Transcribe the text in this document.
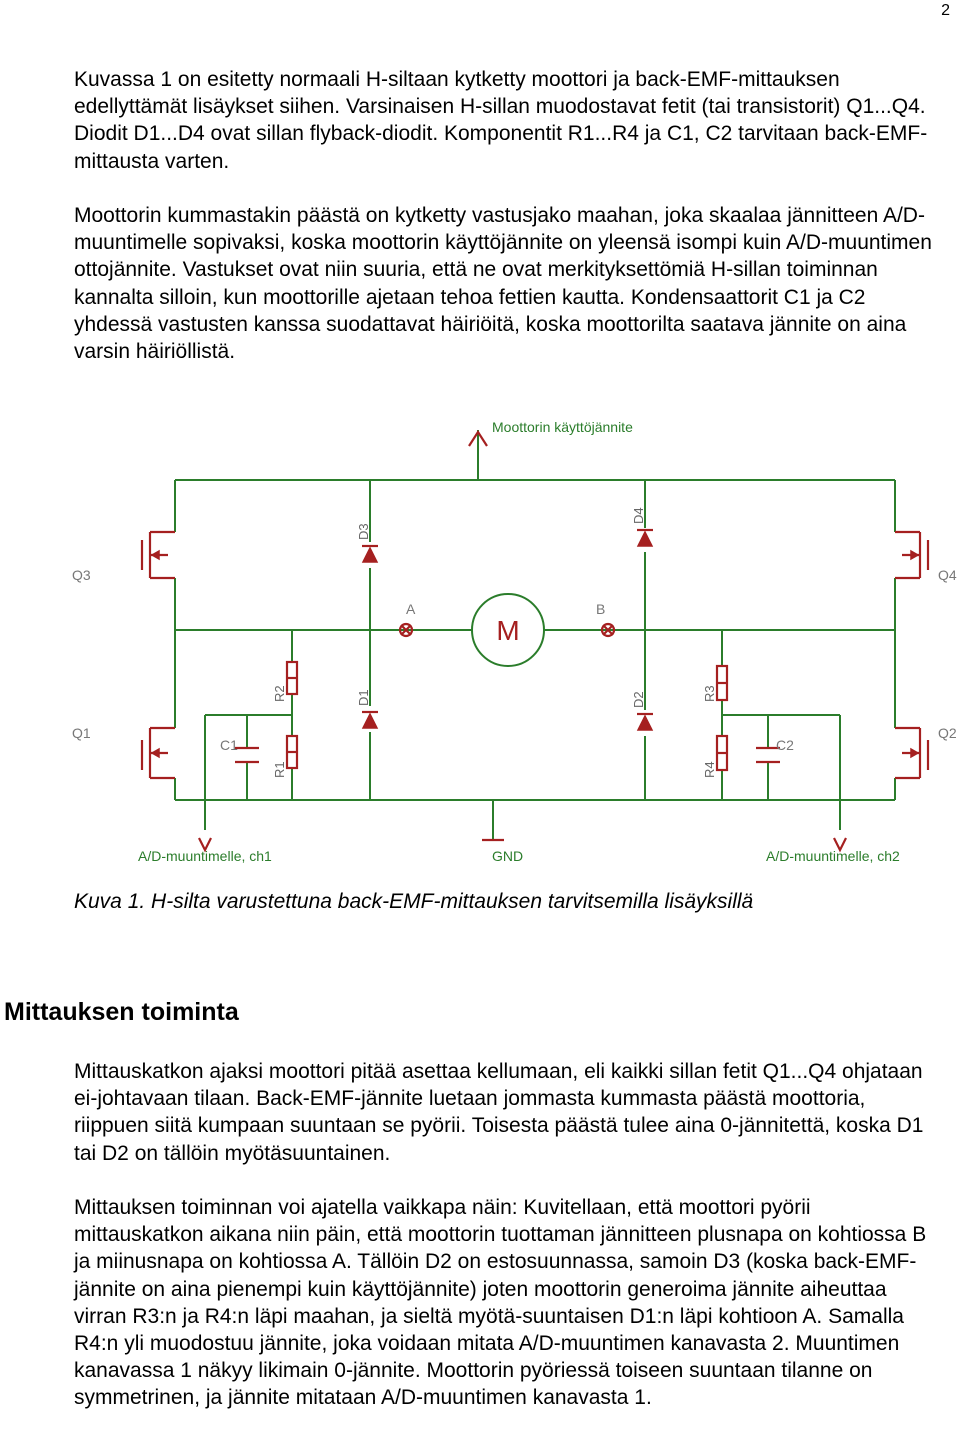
2

Kuvassa 1 on esitetty normaali H-siltaan kytketty moottori ja back-EMF-mittauksen edellyttämät lisäykset siihen. Varsinaisen H-sillan muodostavat fetit (tai transistorit) Q1...Q4. Diodit D1...D4 ovat sillan flyback-diodit. Komponentit R1...R4 ja C1, C2 tarvitaan back-EMF-mittausta varten.

Moottorin kummastakin päästä on kytketty vastusjako maahan, joka skaalaa jännitteen A/D-muuntimelle sopivaksi, koska moottorin käyttöjännite on yleensä isompi kuin A/D-muuntimen ottojännite. Vastukset ovat niin suuria, että ne ovat merkityksettömiä H-sillan toiminnan kannalta silloin, kun moottorille ajetaan tehoa fettien kautta. Kondensaattorit C1 ja C2 yhdessä vastusten kanssa suodattavat häiriöitä, koska moottorilta saatava jännite on aina varsin häiriöllistä.

Moottorin käyttöjännite
GND
A/D-muuntimelle, ch1	A/D-muuntimelle, ch2
Q3	Q4
Q1	Q2
D3
D4
D1	D2
R2
R1
R3
R4
C1	C2
M
A	B

Kuva 1. H-silta varustettuna back-EMF-mittauksen tarvitsemilla lisäyksillä

Mittauksen toiminta

Mittauskatkon ajaksi moottori pitää asettaa kellumaan, eli kaikki sillan fetit Q1...Q4 ohjataan ei-johtavaan tilaan. Back-EMF-jännite luetaan jommasta kummasta päästä moottoria, riippuen siitä kumpaan suuntaan se pyörii. Toisesta päästä tulee aina 0-jännitettä, koska D1 tai D2 on tällöin myötäsuuntainen.

Mittauksen toiminnan voi ajatella vaikkapa näin: Kuvitellaan, että moottori pyörii mittauskatkon aikana niin päin, että moottorin tuottaman jännitteen plusnapa on kohtiossa B ja miinusnapa on kohtiossa A. Tällöin D2 on estosuunnassa, samoin D3 (koska back-EMF-jännite on aina pienempi kuin käyttöjännite) joten moottorin generoima jännite aiheuttaa virran R3:n ja R4:n läpi maahan, ja sieltä myötä-suuntaisen D1:n läpi kohtioon A. Samalla R4:n yli muodostuu jännite, joka voidaan mitata A/D-muuntimen kanavasta 2. Muuntimen kanavassa 1 näkyy likimain 0-jännite. Moottorin pyöriessä toiseen suuntaan tilanne on symmetrinen, ja jännite mitataan A/D-muuntimen kanavasta 1.
